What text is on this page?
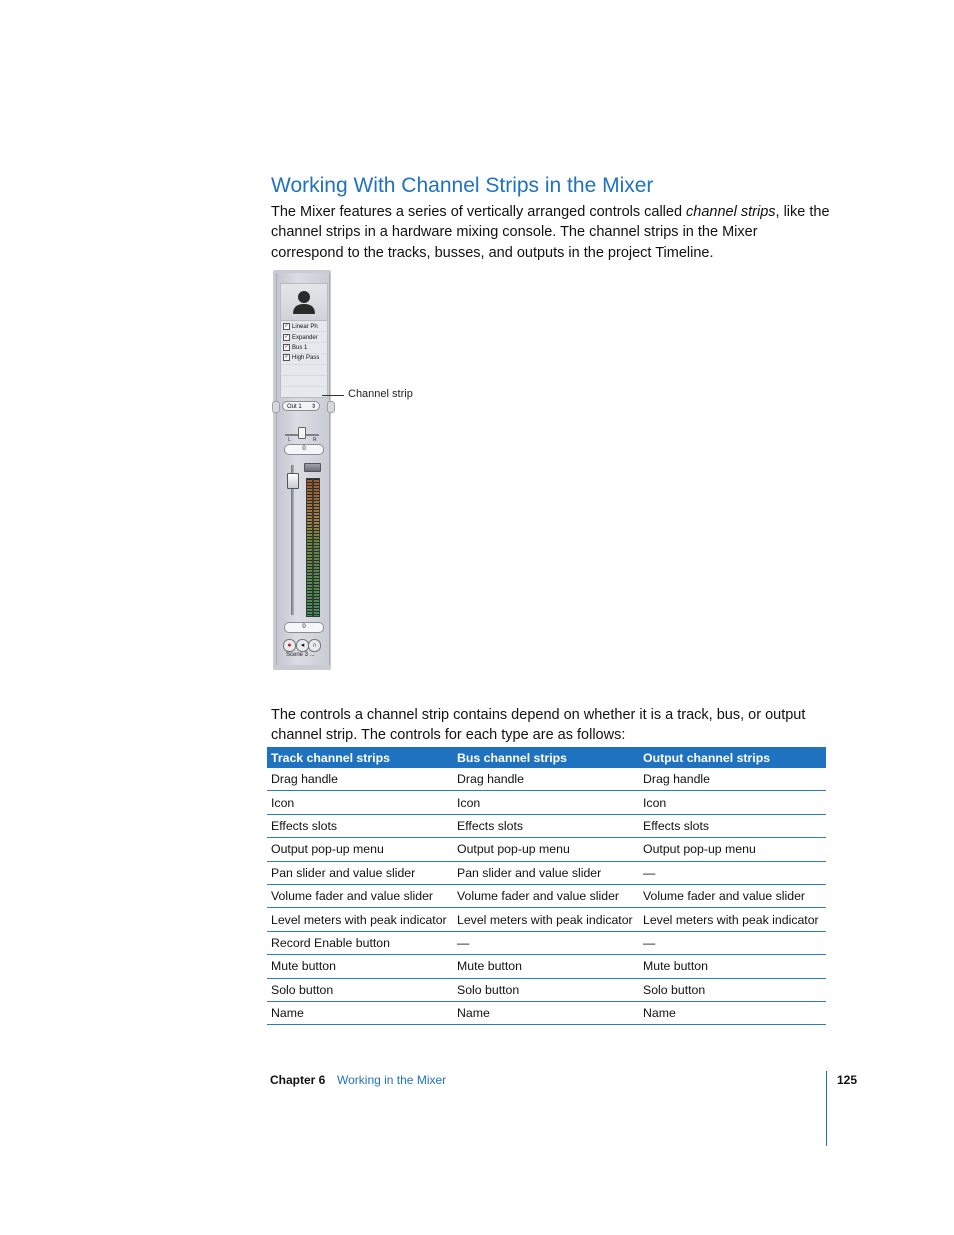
Working With Channel Strips in the Mixer

The Mixer features a series of vertically arranged controls called channel strips, like the channel strips in a hardware mixing console. The channel strips in the Mixer correspond to the tracks, busses, and outputs in the project Timeline.

✓ Linear Ph
✓ Expander
✓ Bus 1
✓ High Pass
Out 1 ⇕
L	R
0
0
●	◂	∩
Scene 3 ...
Channel strip

The controls a channel strip contains depend on whether it is a track, bus, or output channel strip. The controls for each type are as follows:

Track channel strips	Bus channel strips	Output channel strips
Drag handle	Drag handle	Drag handle
Icon	Icon	Icon
Effects slots	Effects slots	Effects slots
Output pop-up menu	Output pop-up menu	Output pop-up menu
Pan slider and value slider	Pan slider and value slider	—
Volume fader and value slider	Volume fader and value slider	Volume fader and value slider
Level meters with peak indicator	Level meters with peak indicator	Level meters with peak indicator
Record Enable button	—	—
Mute button	Mute button	Mute button
Solo button	Solo button	Solo button
Name	Name	Name
Chapter 6 Working in the Mixer	125
